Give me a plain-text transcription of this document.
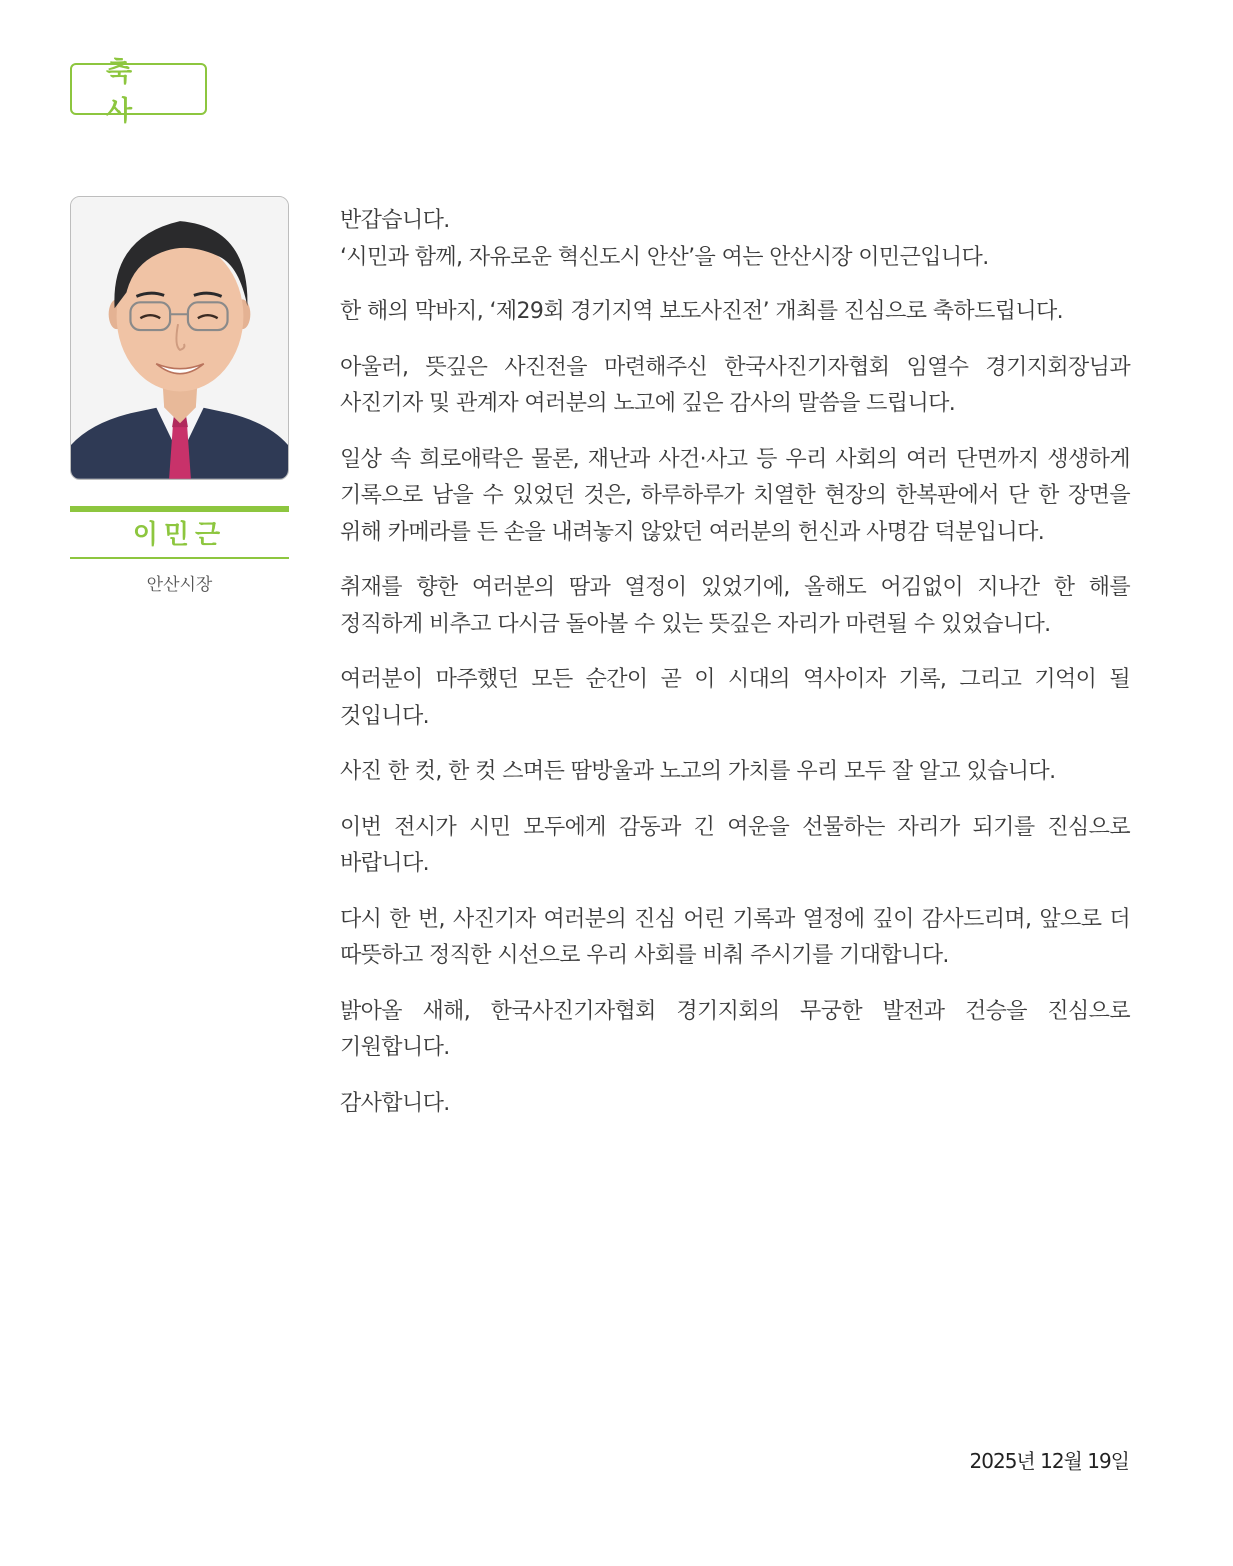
축사
이민근
안산시장

반갑습니다.
‘시민과 함께, 자유로운 혁신도시 안산’을 여는 안산시장 이민근입니다.

한 해의 막바지, ‘제29회 경기지역 보도사진전’ 개최를 진심으로 축하드립니다.

아울러, 뜻깊은 사진전을 마련해주신 한국사진기자협회 임열수 경기지회장님과 사진기자 및 관계자 여러분의 노고에 깊은 감사의 말씀을 드립니다.

일상 속 희로애락은 물론, 재난과 사건·사고 등 우리 사회의 여러 단면까지 생생하게 기록으로 남을 수 있었던 것은, 하루하루가 치열한 현장의 한복판에서 단 한 장면을 위해 카메라를 든 손을 내려놓지 않았던 여러분의 헌신과 사명감 덕분입니다.

취재를 향한 여러분의 땀과 열정이 있었기에, 올해도 어김없이 지나간 한 해를 정직하게 비추고 다시금 돌아볼 수 있는 뜻깊은 자리가 마련될 수 있었습니다.

여러분이 마주했던 모든 순간이 곧 이 시대의 역사이자 기록, 그리고 기억이 될 것입니다.

사진 한 컷, 한 컷 스며든 땀방울과 노고의 가치를 우리 모두 잘 알고 있습니다.

이번 전시가 시민 모두에게 감동과 긴 여운을 선물하는 자리가 되기를 진심으로 바랍니다.

다시 한 번, 사진기자 여러분의 진심 어린 기록과 열정에 깊이 감사드리며, 앞으로 더 따뜻하고 정직한 시선으로 우리 사회를 비춰 주시기를 기대합니다.

밝아올 새해, 한국사진기자협회 경기지회의 무궁한 발전과 건승을 진심으로 기원합니다.

감사합니다.

2025년 12월 19일
